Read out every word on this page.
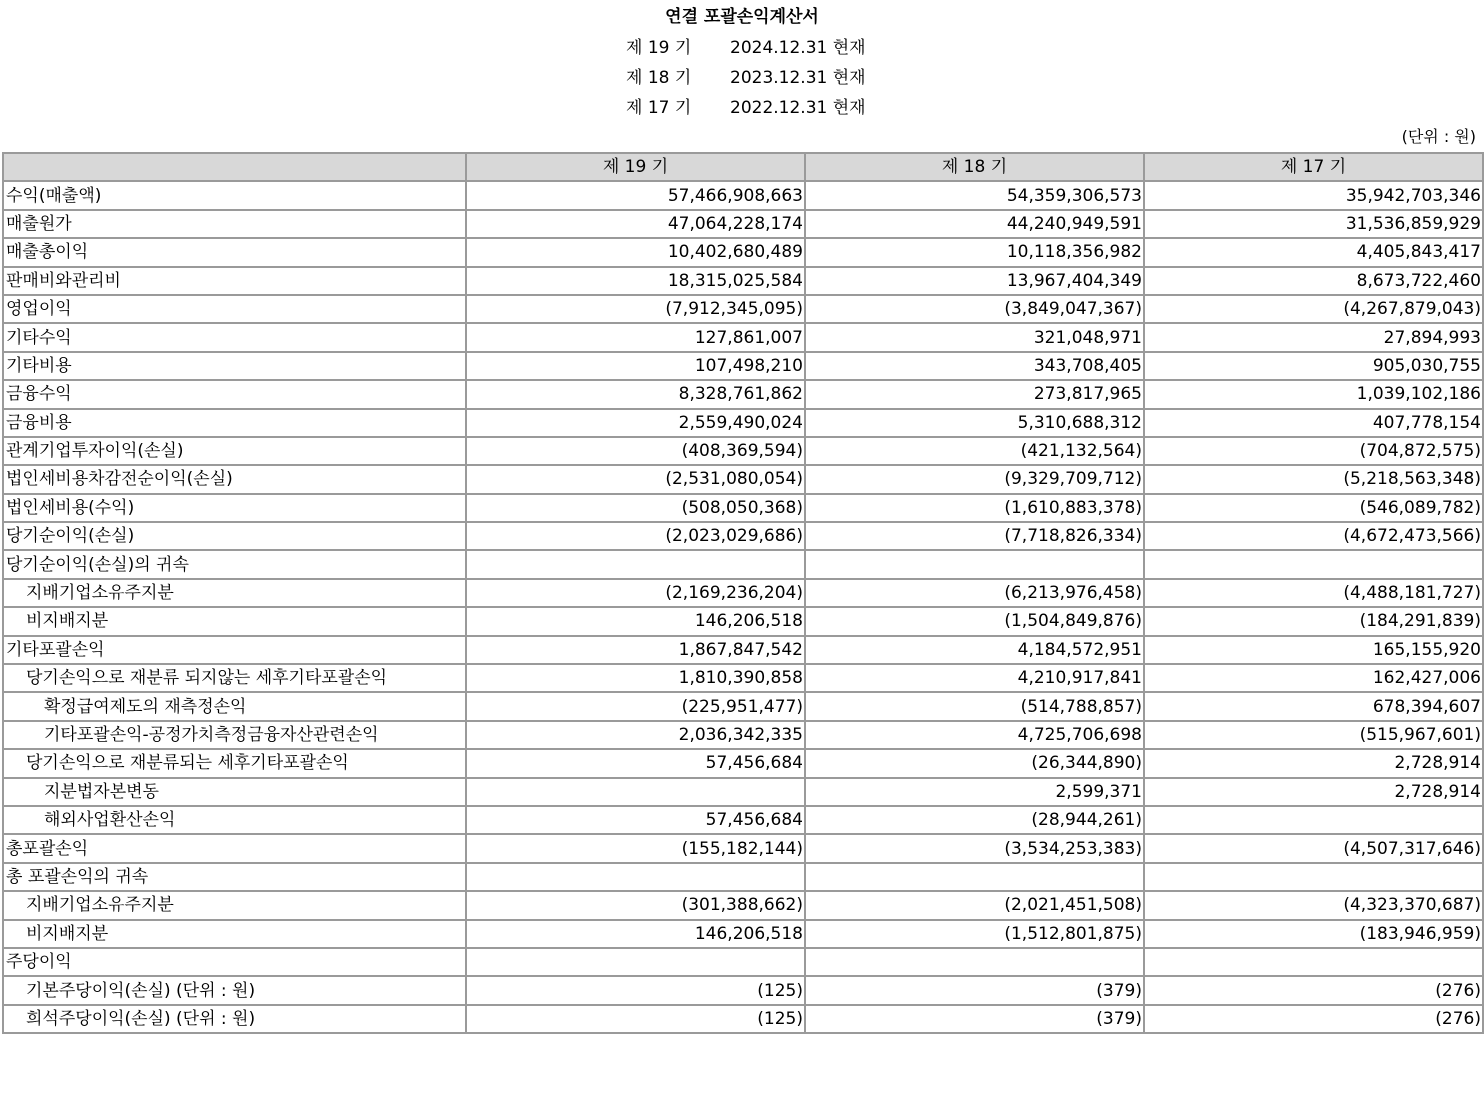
연결 포괄손익계산서
제 19 기 2024.12.31 현재
제 18 기 2023.12.31 현재
제 17 기 2022.12.31 현재
(단위 : 원)
	제 19 기	제 18 기	제 17 기
수익(매출액)	57,466,908,663	54,359,306,573	35,942,703,346
매출원가	47,064,228,174	44,240,949,591	31,536,859,929
매출총이익	10,402,680,489	10,118,356,982	4,405,843,417
판매비와관리비	18,315,025,584	13,967,404,349	8,673,722,460
영업이익	(7,912,345,095)	(3,849,047,367)	(4,267,879,043)
기타수익	127,861,007	321,048,971	27,894,993
기타비용	107,498,210	343,708,405	905,030,755
금융수익	8,328,761,862	273,817,965	1,039,102,186
금융비용	2,559,490,024	5,310,688,312	407,778,154
관계기업투자이익(손실)	(408,369,594)	(421,132,564)	(704,872,575)
법인세비용차감전순이익(손실)	(2,531,080,054)	(9,329,709,712)	(5,218,563,348)
법인세비용(수익)	(508,050,368)	(1,610,883,378)	(546,089,782)
당기순이익(손실)	(2,023,029,686)	(7,718,826,334)	(4,672,473,566)
당기순이익(손실)의 귀속			
지배기업소유주지분	(2,169,236,204)	(6,213,976,458)	(4,488,181,727)
비지배지분	146,206,518	(1,504,849,876)	(184,291,839)
기타포괄손익	1,867,847,542	4,184,572,951	165,155,920
당기손익으로 재분류 되지않는 세후기타포괄손익	1,810,390,858	4,210,917,841	162,427,006
확정급여제도의 재측정손익	(225,951,477)	(514,788,857)	678,394,607
기타포괄손익-공정가치측정금융자산관련손익	2,036,342,335	4,725,706,698	(515,967,601)
당기손익으로 재분류되는 세후기타포괄손익	57,456,684	(26,344,890)	2,728,914
지분법자본변동		2,599,371	2,728,914
해외사업환산손익	57,456,684	(28,944,261)	
총포괄손익	(155,182,144)	(3,534,253,383)	(4,507,317,646)
총 포괄손익의 귀속			
지배기업소유주지분	(301,388,662)	(2,021,451,508)	(4,323,370,687)
비지배지분	146,206,518	(1,512,801,875)	(183,946,959)
주당이익			
기본주당이익(손실) (단위 : 원)	(125)	(379)	(276)
희석주당이익(손실) (단위 : 원)	(125)	(379)	(276)
